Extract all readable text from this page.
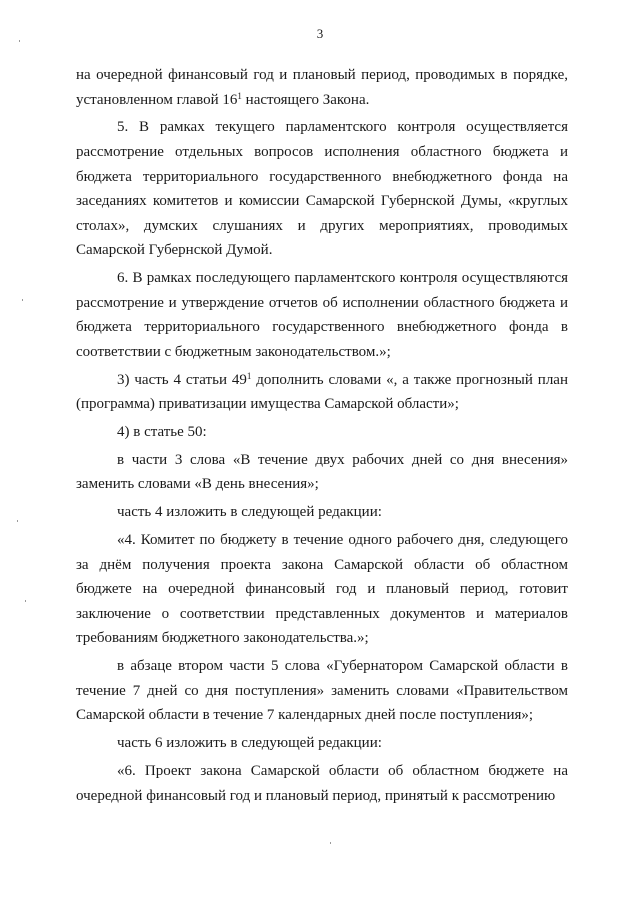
3

на очередной финансовый год и плановый период, проводимых в порядке, установленном главой $16^1$ настоящего Закона.

5. В рамках текущего парламентского контроля осуществляется рассмотрение отдельных вопросов исполнения областного бюджета и бюджета территориального государственного внебюджетного фонда на заседаниях комитетов и комиссии Самарской Губернской Думы, «круглых столах», думских слушаниях и других мероприятиях, проводимых Самарской Губернской Думой.

6. В рамках последующего парламентского контроля осуществляются рассмотрение и утверждение отчетов об исполнении областного бюджета и бюджета территориального государственного внебюджетного фонда в соответствии с бюджетным законодательством.»;

3) часть 4 статьи $49^1$ дополнить словами «, а также прогнозный план (программа) приватизации имущества Самарской области»;

4) в статье 50:

в части 3 слова «В течение двух рабочих дней со дня внесения» заменить словами «В день внесения»;

часть 4 изложить в следующей редакции:

«4. Комитет по бюджету в течение одного рабочего дня, следующего за днём получения проекта закона Самарской области об областном бюджете на очередной финансовый год и плановый период, готовит заключение о соответствии представленных документов и материалов требованиям бюджетного законодательства.»;

в абзаце втором части 5 слова «Губернатором Самарской области в течение 7 дней со дня поступления» заменить словами «Правительством Самарской области в течение 7 календарных дней после поступления»;

часть 6 изложить в следующей редакции:

«6. Проект закона Самарской области об областном бюджете на очередной финансовый год и плановый период, принятый к рассмотрению
